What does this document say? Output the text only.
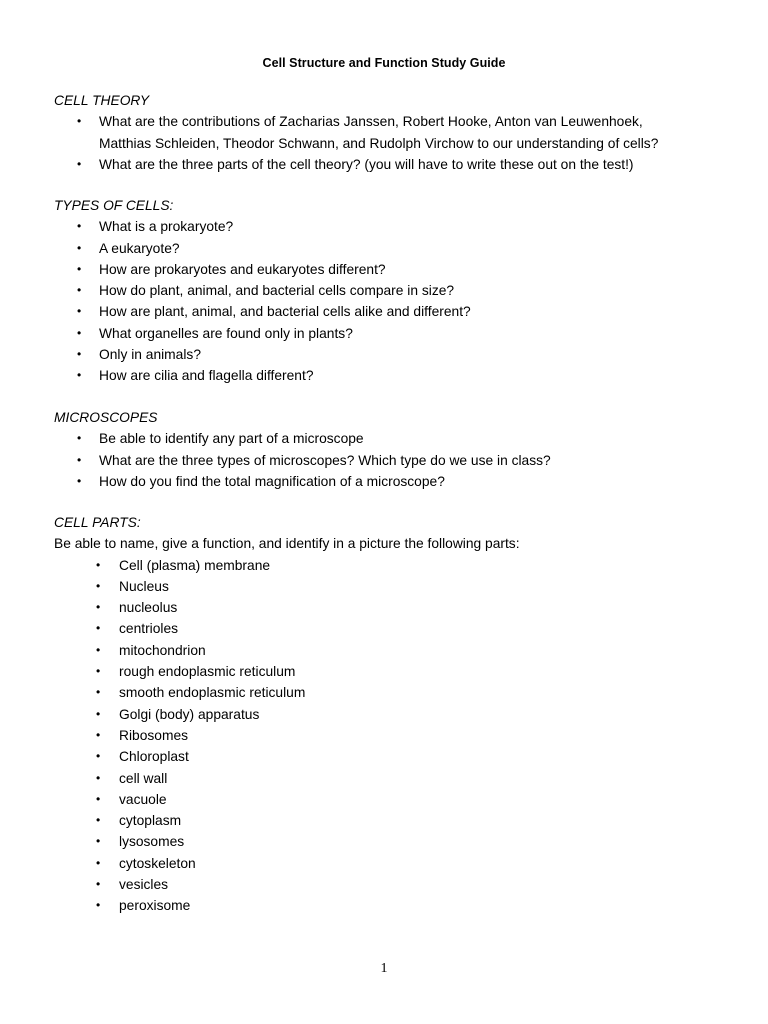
Cell Structure and Function Study Guide

CELL THEORY

•	What are the contributions of Zacharias Janssen, Robert Hooke, Anton van Leuwenhoek,
Matthias Schleiden, Theodor Schwann, and Rudolph Virchow to our understanding of cells?
•	What are the three parts of the cell theory? (you will have to write these out on the test!)

TYPES OF CELLS:

•	What is a prokaryote?
•	A eukaryote?
•	How are prokaryotes and eukaryotes different?
•	How do plant, animal, and bacterial cells compare in size?
•	How are plant, animal, and bacterial cells alike and different?
•	What organelles are found only in plants?
•	Only in animals?
•	How are cilia and flagella different?

MICROSCOPES

•	Be able to identify any part of a microscope
•	What are the three types of microscopes? Which type do we use in class?
•	How do you find the total magnification of a microscope?

CELL PARTS:

Be able to name, give a function, and identify in a picture the following parts:

•	Cell (plasma) membrane
•	Nucleus
•	nucleolus
•	centrioles
•	mitochondrion
•	rough endoplasmic reticulum
•	smooth endoplasmic reticulum
•	Golgi (body) apparatus
•	Ribosomes
•	Chloroplast
•	cell wall
•	vacuole
•	cytoplasm
•	lysosomes
•	cytoskeleton
•	vesicles
•	peroxisome
1
